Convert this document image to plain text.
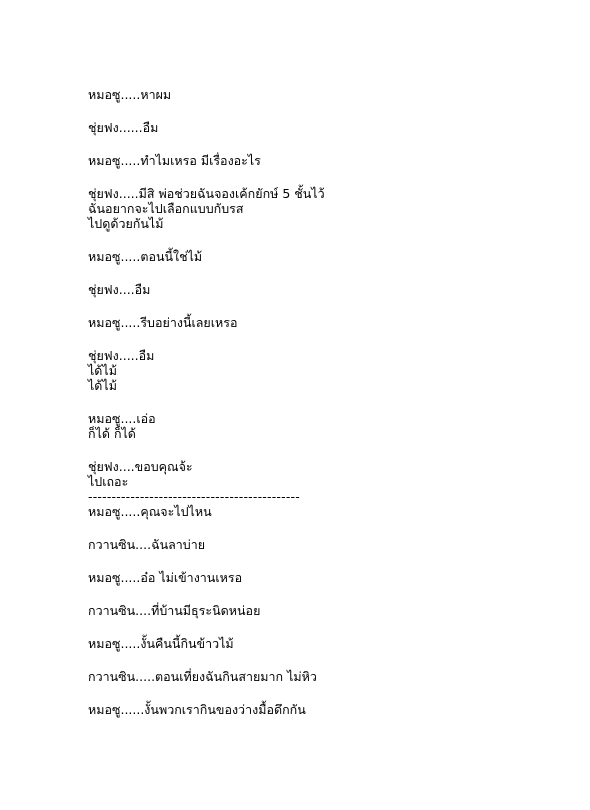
หมอซู.....หาผม
ชุ่ยฟง......อืม
หมอซู.....ทำไมเหรอ มีเรื่องอะไร
ชุ่ยฟง.....มีสิ พ่อช่วยฉันจองเค้กยักษ์ 5 ชั้นไว้
ฉันอยากจะไปเลือกแบบกับรส
ไปดูด้วยกันไม้
หมอซู.....ตอนนี้ใช่ไม้
ชุ่ยฟง....อืม
หมอซู.....รีบอย่างนี้เลยเหรอ
ชุ่ยฟง.....อืม
ได้ไม้
ได้ไม้
หมอซู....เอ่อ
ก็ได้ ก็ได้
ชุ่ยฟง....ขอบคุณจ้ะ
ไปเถอะ
---------------------------------------------
หมอซู.....คุณจะไปไหน
กวานซิน....ฉันลาบ่าย
หมอซู.....อ๋อ ไม่เข้างานเหรอ
กวานซิน....ที่บ้านมีธุระนิดหน่อย
หมอซู.....งั้นคืนนี้กินข้าวไม้
กวานซิน.....ตอนเที่ยงฉันกินสายมาก ไม่หิว
หมอซู......งั้นพวกเรากินของว่างมื้อดึกกัน
